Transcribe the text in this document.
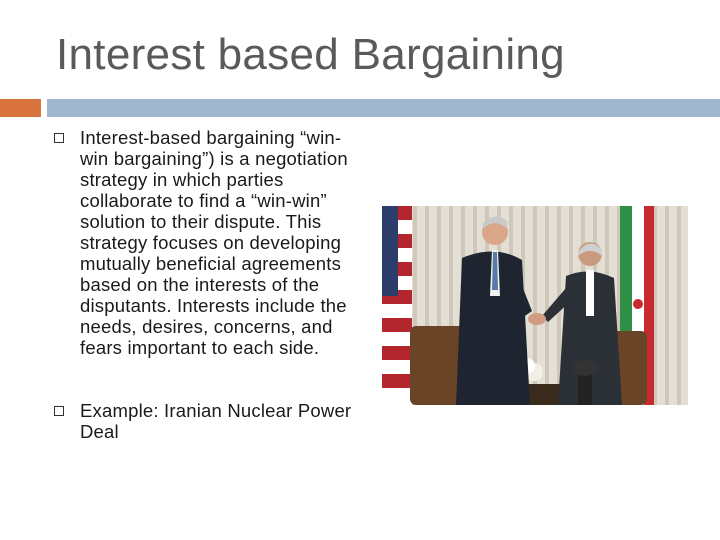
Interest based Bargaining
Interest-based bargaining “win-win bargaining”) is a negotiation strategy in which parties collaborate to find a “win-win” solution to their dispute. This strategy focuses on developing mutually beneficial agreements based on the interests of the disputants. Interests include the needs, desires, concerns, and fears important to each side.
Example: Iranian Nuclear Power Deal
